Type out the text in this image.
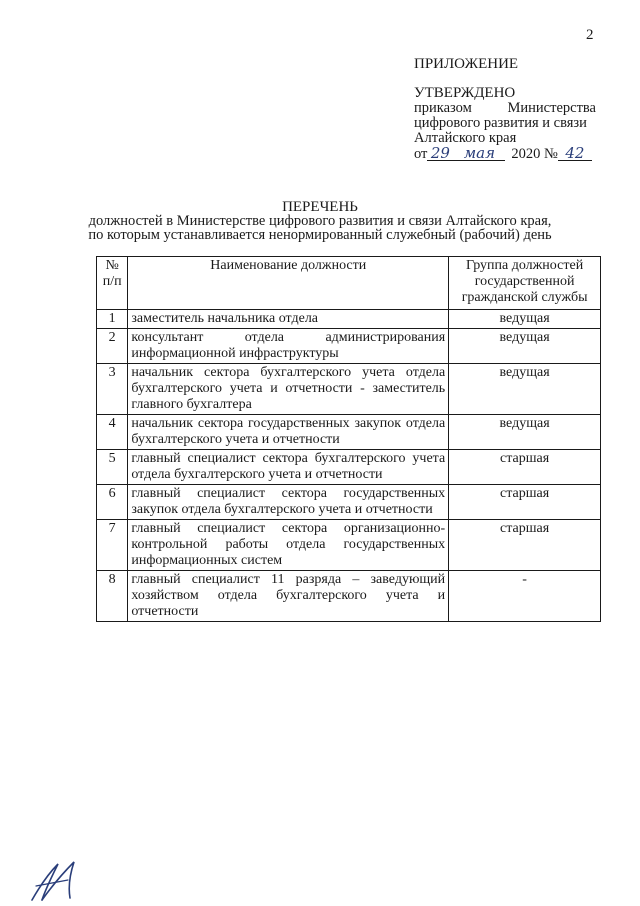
2
ПРИЛОЖЕНИЕ
УТВЕРЖДЕНО
приказом Министерства
цифрового развития и связи
Алтайского края
от 29 мая 2020 № 42
ПЕРЕЧЕНЬ
должностей в Министерстве цифрового развития и связи Алтайского края,
по которым устанавливается ненормированный служебный (рабочий) день
№ п/п	Наименование должности	Группа должностей государственной гражданской службы
1	заместитель начальника отдела	ведущая
2	консультант отдела администрирования информационной инфраструктуры	ведущая
3	начальник сектора бухгалтерского учета отдела бухгалтерского учета и отчетности - заместитель главного бухгалтера	ведущая
4	начальник сектора государственных закупок отдела бухгалтерского учета и отчетности	ведущая
5	главный специалист сектора бухгалтерского учета отдела бухгалтерского учета и отчетности	старшая
6	главный специалист сектора государственных закупок отдела бухгалтерского учета и отчетности	старшая
7	главный специалист сектора организационно-контрольной работы отдела государственных информационных систем	старшая
8	главный специалист 11 разряда – заведующий хозяйством отдела бухгалтерского учета и отчетности	-
